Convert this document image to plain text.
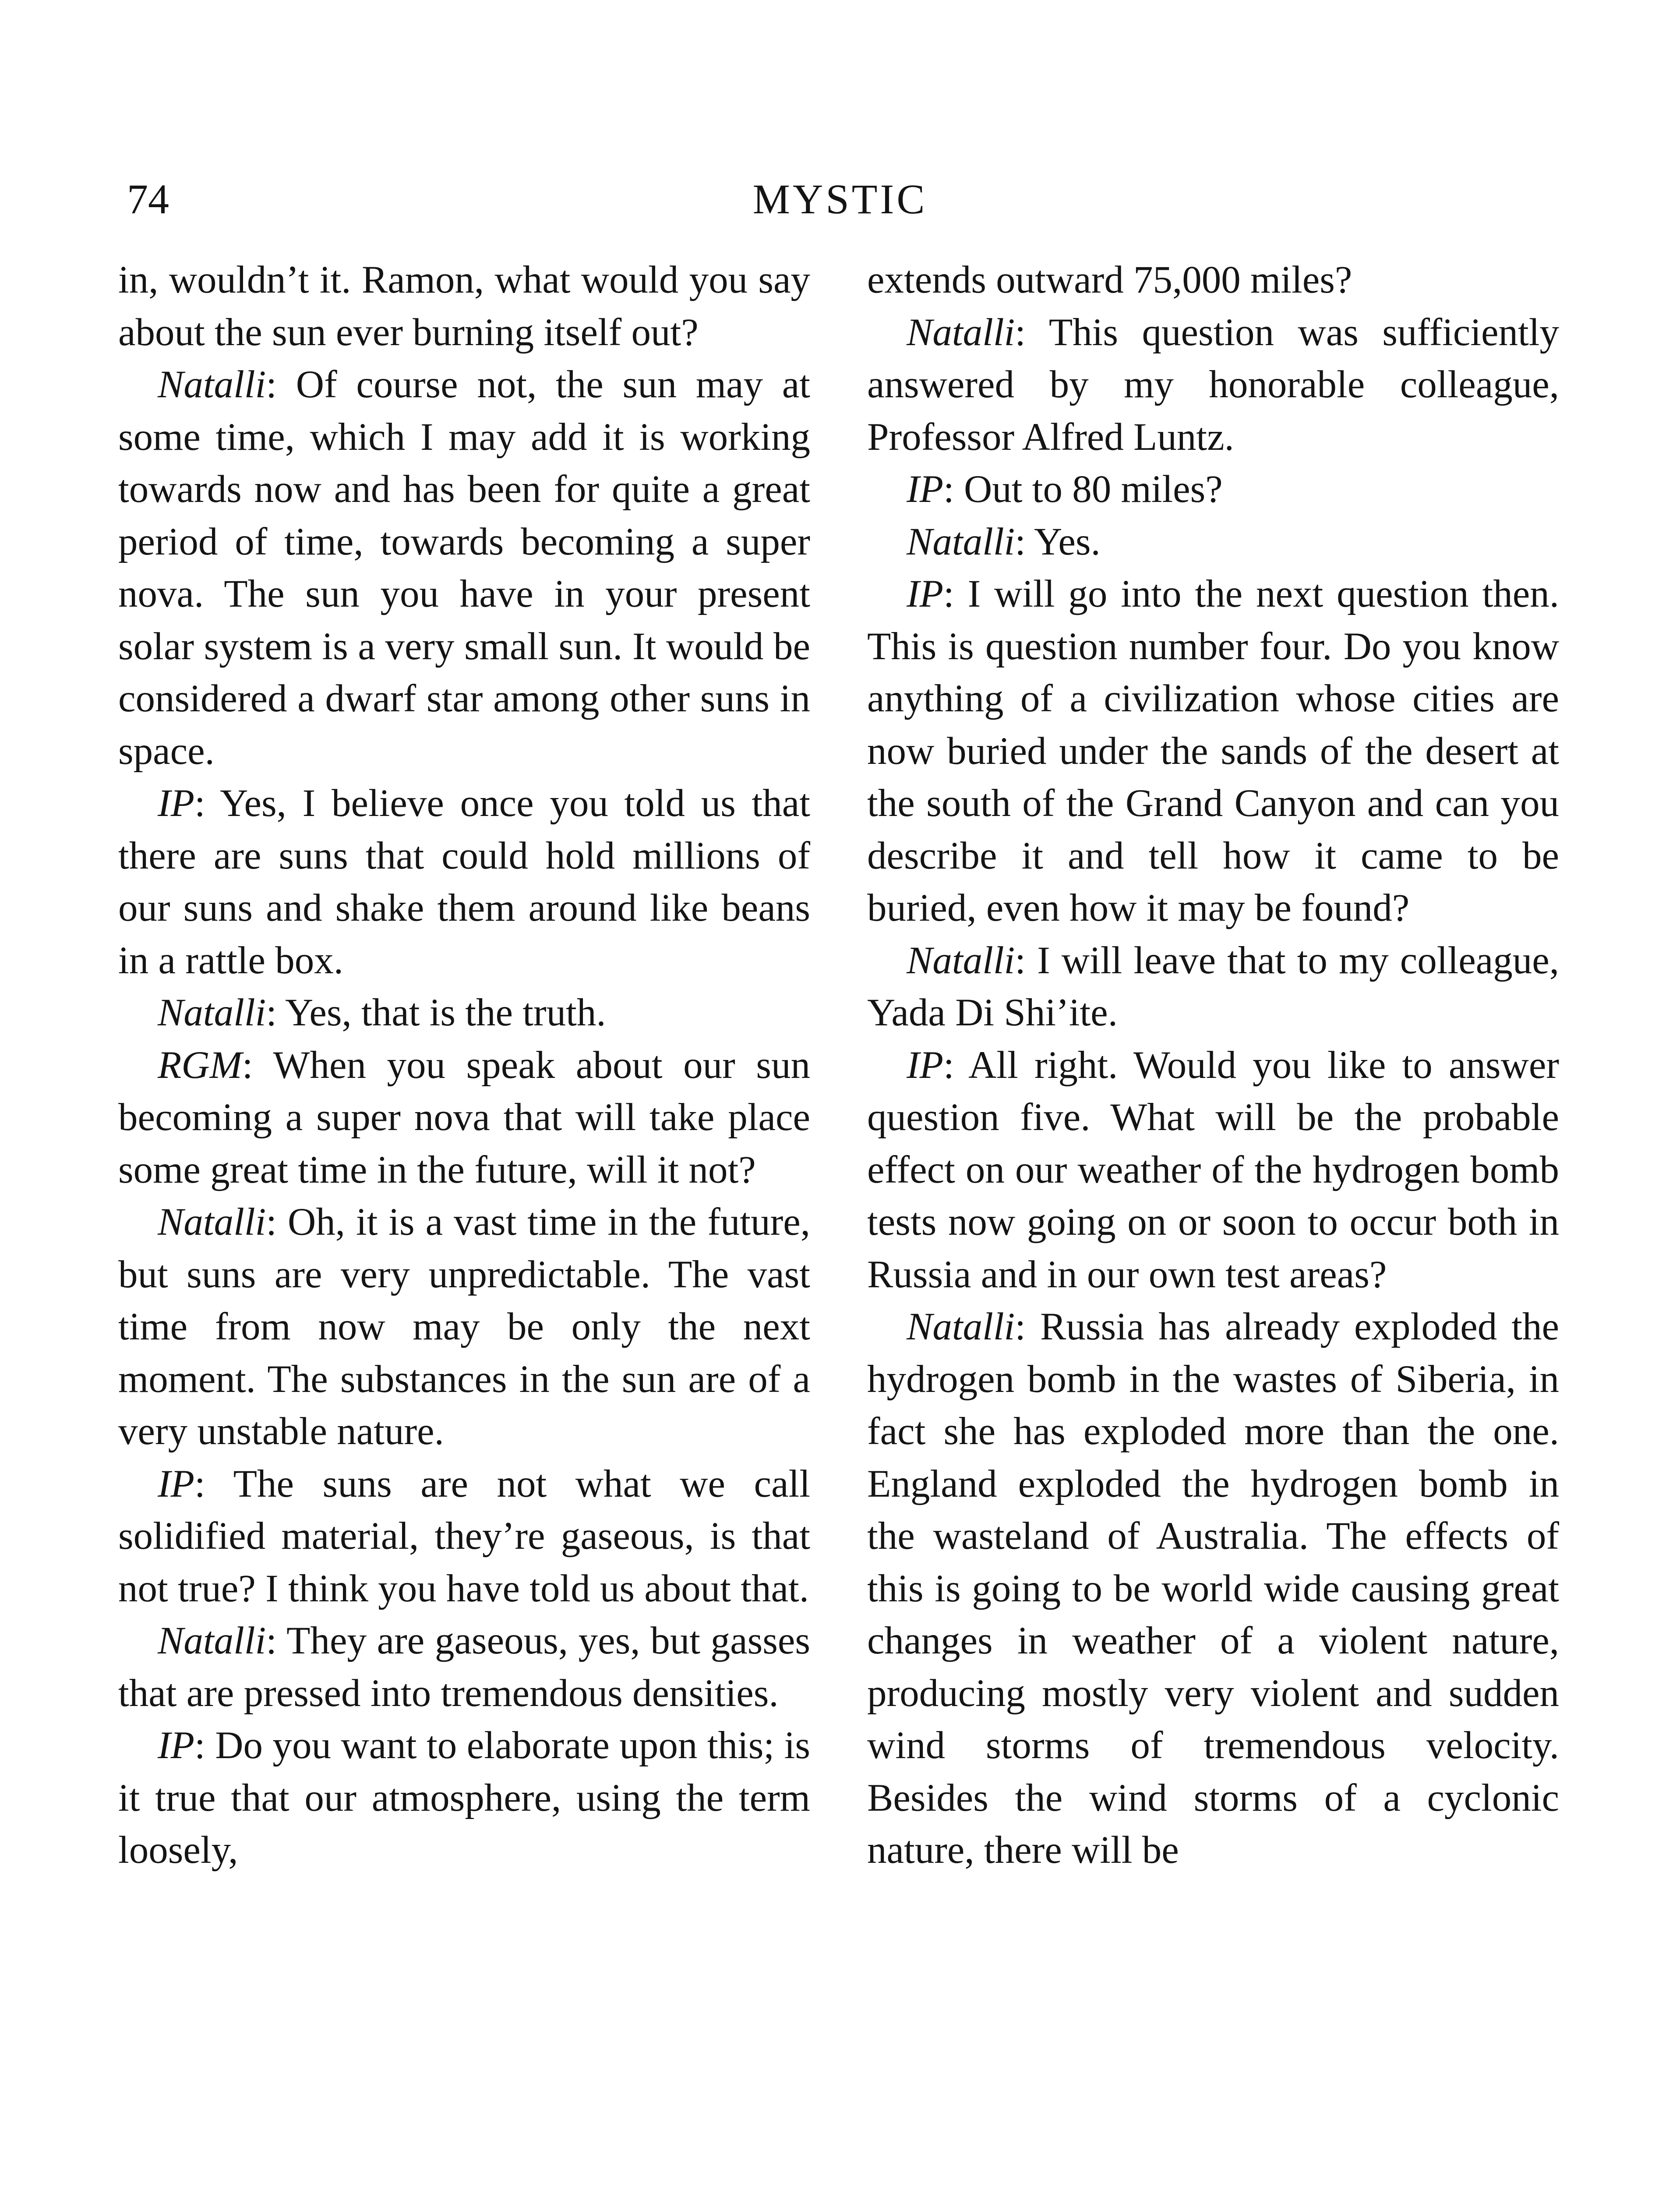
74	MYSTIC

in, wouldn’t it. Ramon, what would you say about the sun ever burning itself out?

Natalli: Of course not, the sun may at some time, which I may add it is working towards now and has been for quite a great period of time, towards becoming a super nova. The sun you have in your present solar system is a very small sun. It would be considered a dwarf star among other suns in space.

IP: Yes, I believe once you told us that there are suns that could hold millions of our suns and shake them around like beans in a rattle box.

Natalli: Yes, that is the truth.

RGM: When you speak about our sun becoming a super nova that will take place some great time in the future, will it not?

Natalli: Oh, it is a vast time in the future, but suns are very unpredictable. The vast time from now may be only the next moment. The substances in the sun are of a very unstable nature.

IP: The suns are not what we call solidified material, they’re gaseous, is that not true? I think you have told us about that.

Natalli: They are gaseous, yes, but gasses that are pressed into tremendous densities.

IP: Do you want to elaborate upon this; is it true that our atmosphere, using the term loosely,

extends outward 75,000 miles?

Natalli: This question was sufficiently answered by my honorable colleague, Professor Alfred Luntz.

IP: Out to 80 miles?

Natalli: Yes.

IP: I will go into the next question then. This is question number four. Do you know anything of a civilization whose cities are now buried under the sands of the desert at the south of the Grand Canyon and can you describe it and tell how it came to be buried, even how it may be found?

Natalli: I will leave that to my colleague, Yada Di Shi’ite.

IP: All right. Would you like to answer question five. What will be the probable effect on our weather of the hydrogen bomb tests now going on or soon to occur both in Russia and in our own test areas?

Natalli: Russia has already exploded the hydrogen bomb in the wastes of Siberia, in fact she has exploded more than the one. England exploded the hydrogen bomb in the wasteland of Australia. The effects of this is going to be world wide causing great changes in weather of a violent nature, producing mostly very violent and sudden wind storms of tremendous velocity. Besides the wind storms of a cyclonic nature, there will be
